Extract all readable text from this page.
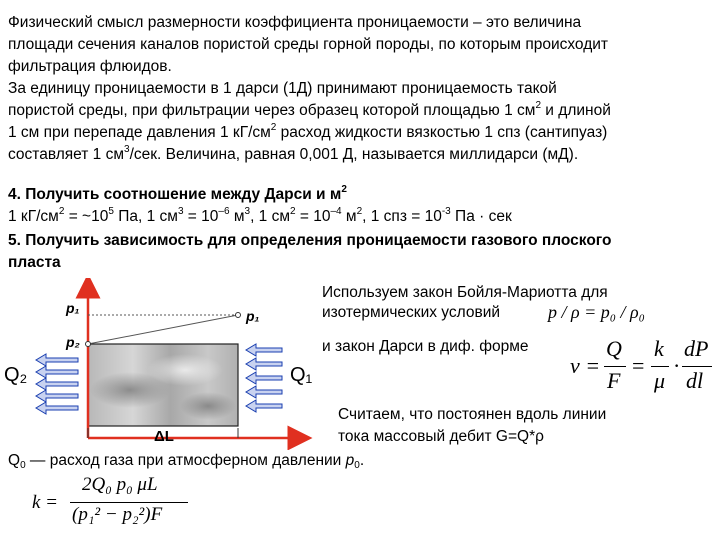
Физический смысл размерности коэффициента проницаемости – это величина
площади сечения каналов пористой среды горной породы, по которым происходит
фильтрация флюидов.
За единицу проницаемости в 1 дарси (1Д) принимают проницаемость такой
пористой среды, при фильтрации через образец которой площадью 1 $см^2$ и длиной
1 см при перепаде давления 1 $кГ/см^2$ расход жидкости вязкостью 1 спз (сантипуаз)
составляет 1 $см^3$/сек. Величина, равная 0,001 Д, называется миллидарси (мД).
4. Получить соотношение между Дарси и $м^2$
1 $кГ/см^2$ = $\sim 10^5$ Па, 1 $см^3 = 10^{-6}$ $м^3$, 1 $см^2 = 10^{-4}$ $м^2$, 1 спз = $10^{-3}$ Па · сек
5. Получить зависимость для определения проницаемости газового плоского
пласта
Используем закон Бойля-Мариотта для
изотермических условий
и закон Дарси в диф. форме
Считаем, что постоянен вдоль линии
тока массовый дебит G=Q*ρ
p / ρ = p₀ / ρ₀
v =
Q
F
=
k
μ
·
dP
dl
p₁	p₁
p₂
Q₂	Q₁
ΔL
$Q_0$ — расход газа при атмосферном давлении $p_0$.
k =
2Q₀ p₀ μL
(p₁² − p₂²)F
